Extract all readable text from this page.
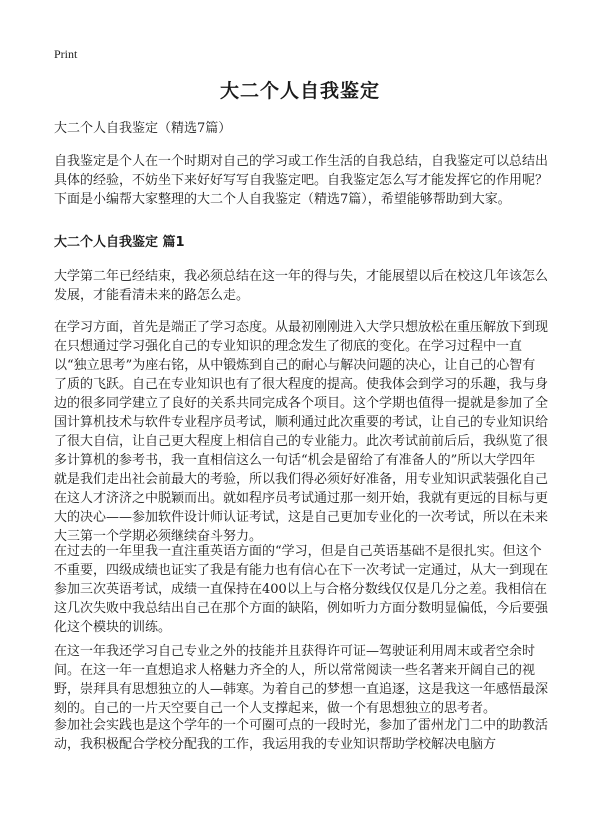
Print
大二个人自我鉴定

大二个人自我鉴定（精选7篇）

自我鉴定是个人在一个时期对自己的学习或工作生活的自我总结，自我鉴定可以总结出具体的经验，不妨坐下来好好写写自我鉴定吧。自我鉴定怎么写才能发挥它的作用呢？下面是小编帮大家整理的大二个人自我鉴定（精选7篇），希望能够帮助到大家。

大二个人自我鉴定 篇1

大学第二年已经结束，我必须总结在这一年的得与失，才能展望以后在校这几年该怎么发展，才能看清未来的路怎么走。

在学习方面，首先是端正了学习态度。从最初刚刚进入大学只想放松在重压解放下到现在只想通过学习强化自己的专业知识的理念发生了彻底的变化。在学习过程中一直以“独立思考”为座右铭，从中锻炼到自己的耐心与解决问题的决心，让自己的心智有了质的飞跃。自己在专业知识也有了很大程度的提高。使我体会到学习的乐趣，我与身边的很多同学建立了良好的关系共同完成各个项目。这个学期也值得一提就是参加了全国计算机技术与软件专业程序员考试，顺利通过此次重要的考试，让自己的专业知识给了很大自信，让自己更大程度上相信自己的专业能力。此次考试前前后后，我纵览了很多计算机的参考书，我一直相信这么一句话“机会是留给了有准备人的”所以大学四年就是我们走出社会前最大的考验，所以我们得必须好好准备，用专业知识武装强化自己在这人才济济之中脱颖而出。就如程序员考试通过那一刻开始，我就有更远的目标与更大的决心——参加软件设计师认证考试，这是自己更加专业化的一次考试，所以在未来大三第一个学期必须继续奋斗努力。

在过去的一年里我一直注重英语方面的“学习，但是自己英语基础不是很扎实。但这个不重要，四级成绩也证实了我是有能力也有信心在下一次考试一定通过，从大一到现在参加三次英语考试，成绩一直保持在400以上与合格分数线仅仅是几分之差。我相信在这几次失败中我总结出自己在那个方面的缺陷，例如听力方面分数明显偏低，今后要强化这个模块的训练。

在这一年我还学习自己专业之外的技能并且获得许可证—驾驶证利用周末或者空余时间。在这一年一直想追求人格魅力齐全的人，所以常常阅读一些名著来开阔自己的视野，崇拜具有思想独立的人—韩寒。为着自己的梦想一直追逐，这是我这一年感悟最深刻的。自己的一片天空要自己一个人支撑起来，做一个有思想独立的思考者。

参加社会实践也是这个学年的一个可圈可点的一段时光，参加了雷州龙门二中的助教活动，我积极配合学校分配我的工作，我运用我的专业知识帮助学校解决电脑方
